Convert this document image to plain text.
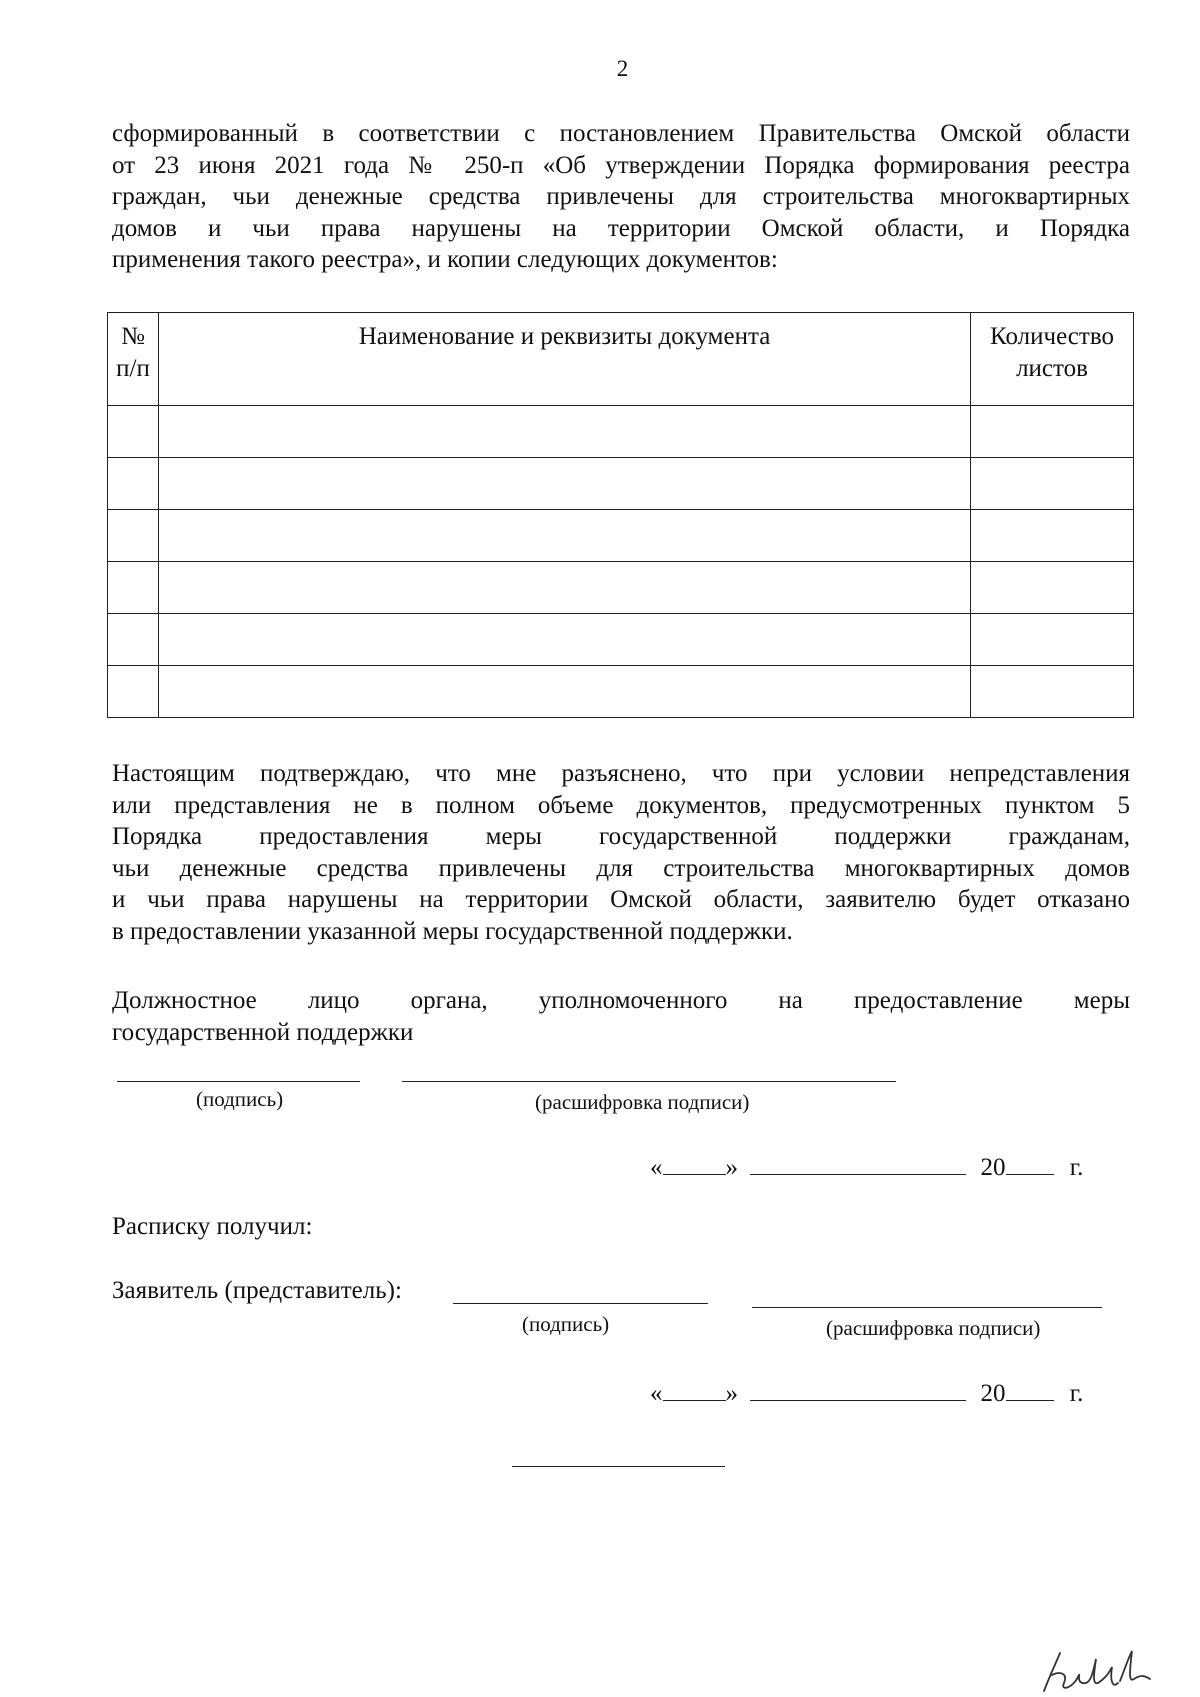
2
сформированный в соответствии с постановлением Правительства Омской области
от 23 июня 2021 года № 250-п «Об утверждении Порядка формирования реестра
граждан, чьи денежные средства привлечены для строительства многоквартирных
домов и чьи права нарушены на территории Омской области, и Порядка
применения такого реестра», и копии следующих документов:
№ п/п	Наименование и реквизиты документа	Количество листов

Настоящим подтверждаю, что мне разъяснено, что при условии непредставления
или представления не в полном объеме документов, предусмотренных пунктом 5
Порядка предоставления меры государственной поддержки гражданам,
чьи денежные средства привлечены для строительства многоквартирных домов
и чьи права нарушены на территории Омской области, заявителю будет отказано
в предоставлении указанной меры государственной поддержки.
Должностное лицо органа, уполномоченного на предоставление меры
государственной поддержки
(подпись)	(расшифровка подписи)
«	»	20	г.
Расписку получил:
Заявитель (представитель):
(подпись)	(расшифровка подписи)
«	»	20	г.
